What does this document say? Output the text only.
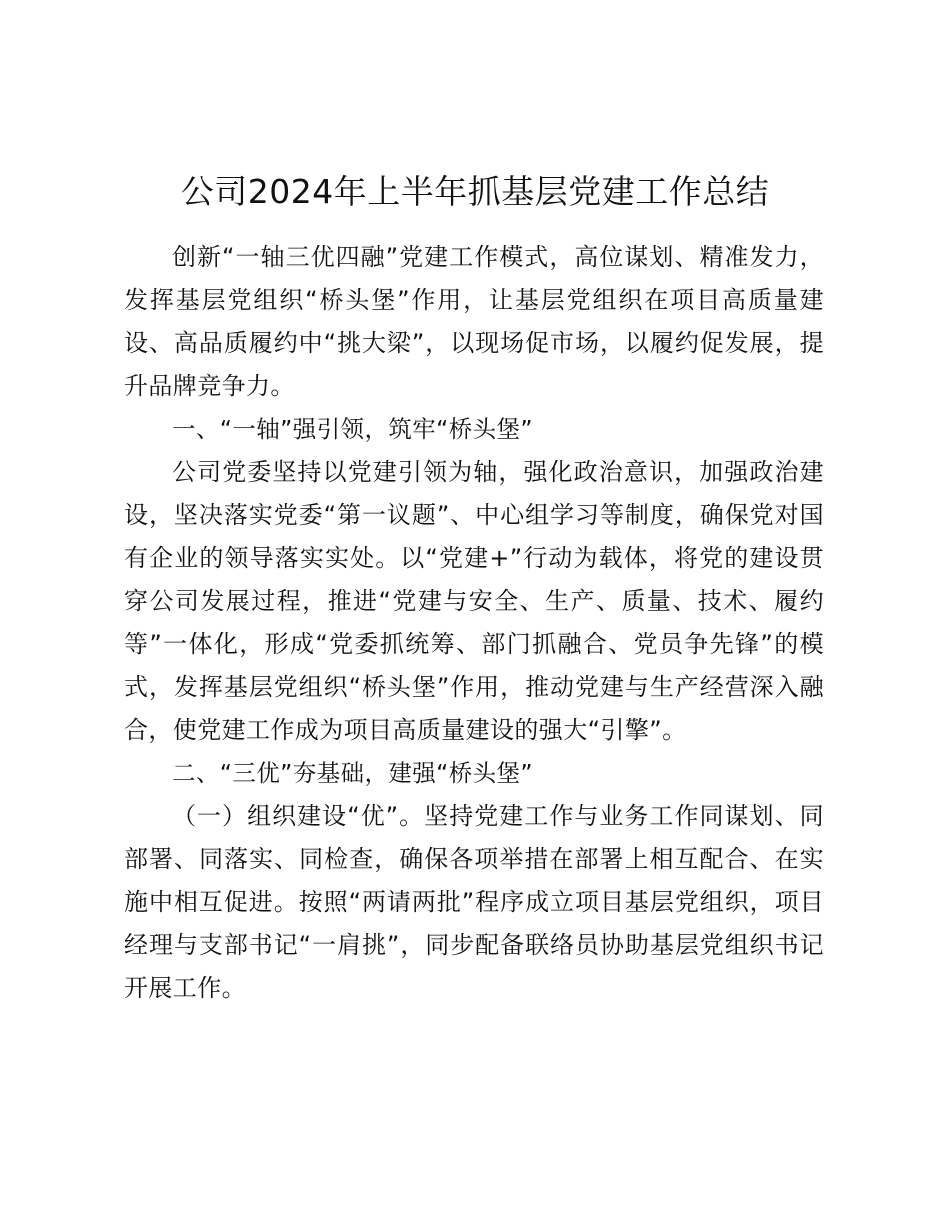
公司2024年上半年抓基层党建工作总结

创新“一轴三优四融”党建工作模式，高位谋划、精准发力，发挥基层党组织“桥头堡”作用，让基层党组织在项目高质量建设、高品质履约中“挑大梁”，以现场促市场，以履约促发展，提升品牌竞争力。

一、“一轴”强引领，筑牢“桥头堡”

公司党委坚持以党建引领为轴，强化政治意识，加强政治建设，坚决落实党委“第一议题”、中心组学习等制度，确保党对国有企业的领导落实实处。以“党建+”行动为载体，将党的建设贯穿公司发展过程，推进“党建与安全、生产、质量、技术、履约等”一体化，形成“党委抓统筹、部门抓融合、党员争先锋”的模式，发挥基层党组织“桥头堡”作用，推动党建与生产经营深入融合，使党建工作成为项目高质量建设的强大“引擎”。

二、“三优”夯基础，建强“桥头堡”

（一）组织建设“优”。坚持党建工作与业务工作同谋划、同部署、同落实、同检查，确保各项举措在部署上相互配合、在实施中相互促进。按照“两请两批”程序成立项目基层党组织，项目经理与支部书记“一肩挑”，同步配备联络员协助基层党组织书记开展工作。
